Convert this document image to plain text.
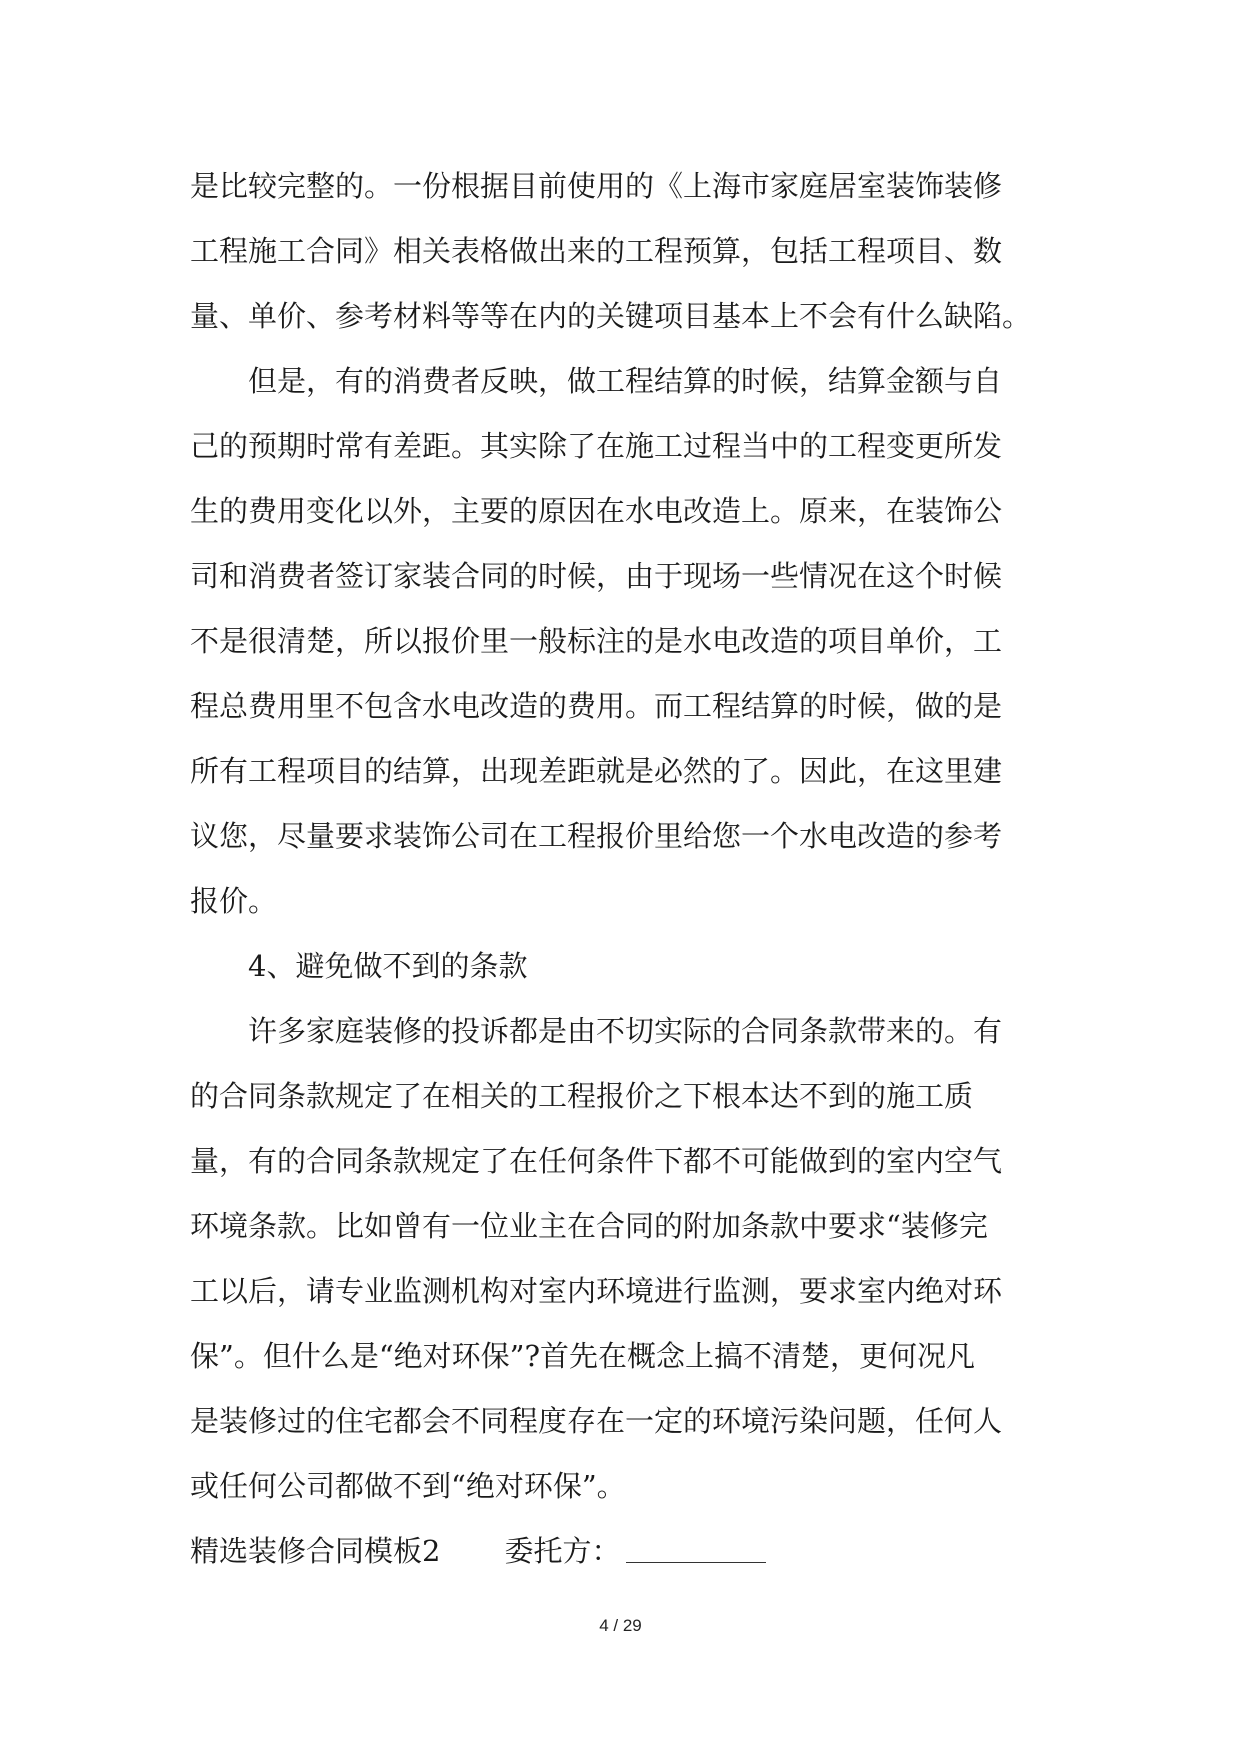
是比较完整的。一份根据目前使用的《上海市家庭居室装饰装修
工程施工合同》相关表格做出来的工程预算，包括工程项目、数
量、单价、参考材料等等在内的关键项目基本上不会有什么缺陷。
　　但是，有的消费者反映，做工程结算的时候，结算金额与自
己的预期时常有差距。其实除了在施工过程当中的工程变更所发
生的费用变化以外，主要的原因在水电改造上。原来，在装饰公
司和消费者签订家装合同的时候，由于现场一些情况在这个时候
不是很清楚，所以报价里一般标注的是水电改造的项目单价，工
程总费用里不包含水电改造的费用。而工程结算的时候，做的是
所有工程项目的结算，出现差距就是必然的了。因此，在这里建
议您，尽量要求装饰公司在工程报价里给您一个水电改造的参考
报价。
　　4、避免做不到的条款
　　许多家庭装修的投诉都是由不切实际的合同条款带来的。有
的合同条款规定了在相关的工程报价之下根本达不到的施工质
量，有的合同条款规定了在任何条件下都不可能做到的室内空气
环境条款。比如曾有一位业主在合同的附加条款中要求“装修完
工以后，请专业监测机构对室内环境进行监测，要求室内绝对环
保”。但什么是“绝对环保”?首先在概念上搞不清楚，更何况凡
是装修过的住宅都会不同程度存在一定的环境污染问题，任何人
或任何公司都做不到“绝对环保”。
精选装修合同模板2 委托方：
4 / 29
